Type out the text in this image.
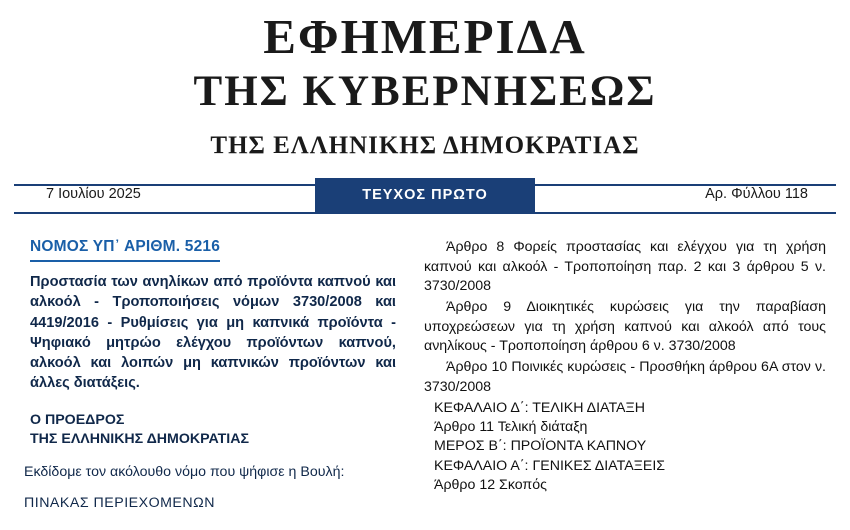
ΕΦΗΜΕΡΙΔΑ
ΤΗΣ ΚΥΒΕΡΝΗΣΕΩΣ
ΤΗΣ ΕΛΛΗΝΙΚΗΣ ΔΗΜΟΚΡΑΤΙΑΣ
7 Ιουλίου 2025	ΤΕΥΧΟΣ ΠΡΩΤΟ	Αρ. Φύλλου 118
ΝΟΜΟΣ ΥΠ᾽ ΑΡΙΘΜ. 5216
Προστασία των ανηλίκων από προϊόντα καπνού και αλκοόλ - Τροποποιήσεις νόμων 3730/2008 και 4419/2016 - Ρυθμίσεις για μη καπνικά προϊόντα - Ψηφιακό μητρώο ελέγχου προϊόντων καπνού, αλκοόλ και λοιπών μη καπνικών προϊόντων και άλλες διατάξεις.
Ο ΠΡΟΕΔΡΟΣ
ΤΗΣ ΕΛΛΗΝΙΚΗΣ ΔΗΜΟΚΡΑΤΙΑΣ
Εκδίδομε τον ακόλουθο νόμο που ψήφισε η Βουλή:
ΠΙΝΑΚΑΣ ΠΕΡΙΕΧΟΜΕΝΩΝ

Άρθρο 8 Φορείς προστασίας και ελέγχου για τη χρήση καπνού και αλκοόλ - Τροποποίηση παρ. 2 και 3 άρθρου 5 ν. 3730/2008

Άρθρο 9 Διοικητικές κυρώσεις για την παραβίαση υποχρεώσεων για τη χρήση καπνού και αλκοόλ από τους ανηλίκους - Τροποποίηση άρθρου 6 ν. 3730/2008

Άρθρο 10 Ποινικές κυρώσεις - Προσθήκη άρθρου 6Α στον ν. 3730/2008

ΚΕΦΑΛΑΙΟ Δ΄: ΤΕΛΙΚΗ ΔΙΑΤΑΞΗ

Άρθρο 11 Τελική διάταξη

ΜΕΡΟΣ Β΄: ΠΡΟΪΟΝΤΑ ΚΑΠΝΟΥ

ΚΕΦΑΛΑΙΟ Α΄: ΓΕΝΙΚΕΣ ΔΙΑΤΑΞΕΙΣ

Άρθρο 12 Σκοπός
